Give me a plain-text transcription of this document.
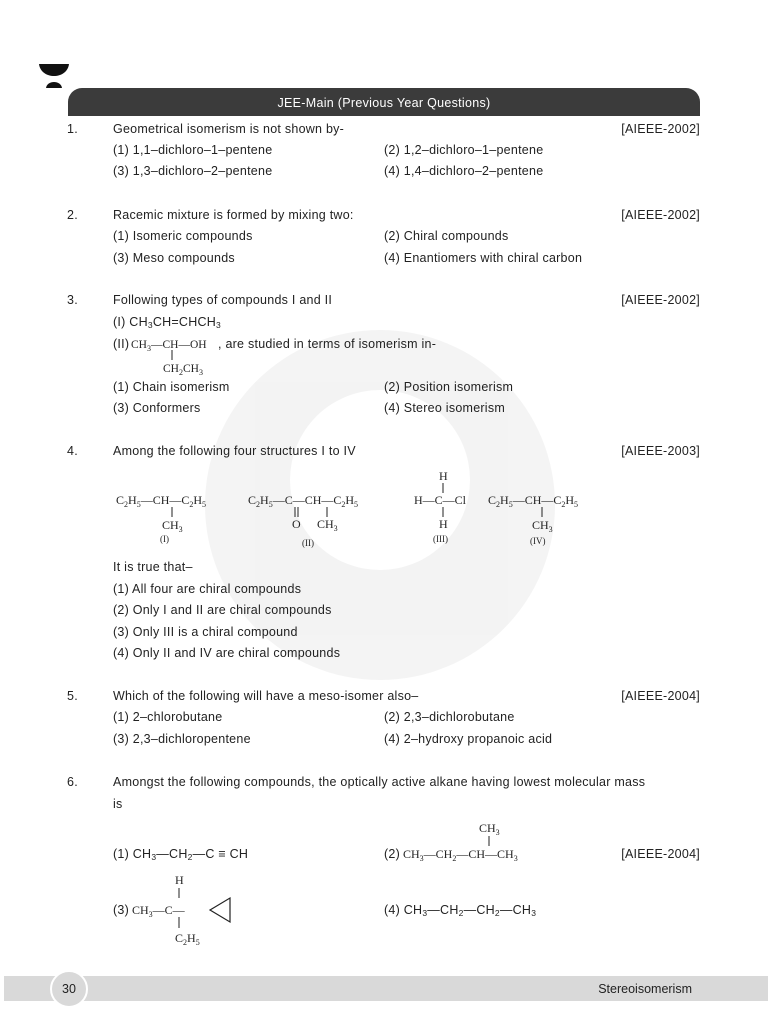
JEE-Main (Previous Year Questions)
1.	Geometrical isomerism is not shown by-	[AIEEE-2002]
(1) 1,1–dichloro–1–pentene	(2) 1,2–dichloro–1–pentene
(3) 1,3–dichloro–2–pentene	(4) 1,4–dichloro–2–pentene
2.	Racemic mixture is formed by mixing two:	[AIEEE-2002]
(1) Isomeric compounds	(2) Chiral compounds
(3) Meso compounds	(4) Enantiomers with chiral carbon
3.	Following types of compounds I and II	[AIEEE-2002]
(I) $CH_3CH=CHCH_3$
(II) $CH_3—CH—OH$
$CH_2CH_3$
, are studied in terms of isomerism in-
(1) Chain isomerism	(2) Position isomerism
(3) Conformers	(4) Stereo isomerism
4.	Among the following four structures I to IV	[AIEEE-2003]
$C_2H_5—CH—C_2H_5$
$CH_3$
(I)
$C_2H_5—C—CH—C_2H_5$
O $CH_3$
(II)
H
H—C—Cl
H
(III)
$C_2H_5—CH—C_2H_5$
$CH_3$
(IV)
It is true that–
(1) All four are chiral compounds
(2) Only I and II are chiral compounds
(3) Only III is a chiral compound
(4) Only II and IV are chiral compounds
5.	Which of the following will have a meso-isomer also–	[AIEEE-2004]
(1) 2–chlorobutane	(2) 2,3–dichlorobutane
(3) 2,3–dichloropentene	(4) 2–hydroxy propanoic acid
6.	Amongst the following compounds, the optically active alkane having lowest molecular mass
is
(1) $CH_3—CH_2—C$ ≡ CH	(2)
$CH_3$
$CH_3—CH_2—CH—CH_3$	[AIEEE-2004]
(3)
H
$CH_3—C—$
$C_2H_5$
(4) $CH_3—CH_2—CH_2—CH_3$
30	Stereoisomerism
